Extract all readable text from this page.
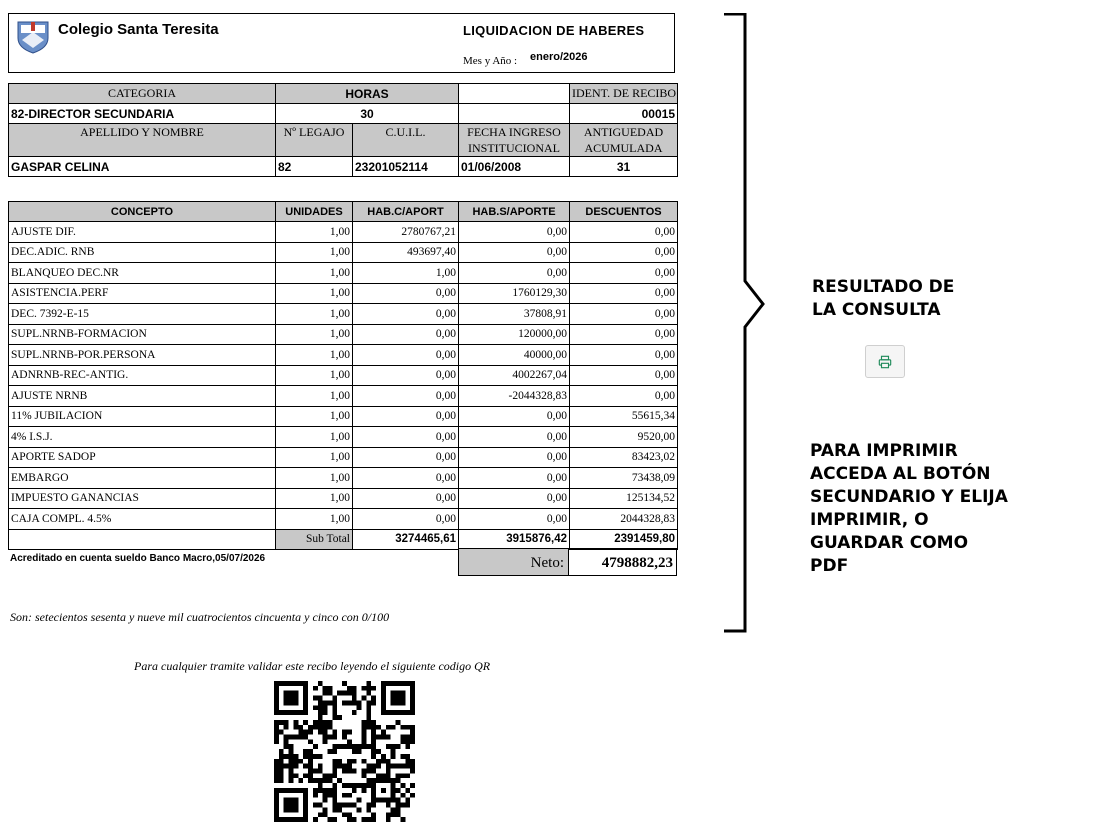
Colegio Santa Teresita	LIQUIDACION DE HABERES
Mes y Año : enero/2026
CATEGORIA	HORAS			IDENT. DE RECIBO
82-DIRECTOR SECUNDARIA	30			00015
APELLIDO Y NOMBRE	Nº LEGAJO	C.U.I.L.	FECHA INGRESO INSTITUCIONAL	ANTIGUEDAD ACUMULADA
GASPAR CELINA	82	23201052114	01/06/2008	31
CONCEPTO	UNIDADES	HAB.C/APORT	HAB.S/APORTE	DESCUENTOS
AJUSTE DIF.	1,00	2780767,21	0,00	0,00
DEC.ADIC. RNB	1,00	493697,40	0,00	0,00
BLANQUEO DEC.NR	1,00	1,00	0,00	0,00
ASISTENCIA.PERF	1,00	0,00	1760129,30	0,00
DEC. 7392-E-15	1,00	0,00	37808,91	0,00
SUPL.NRNB-FORMACION	1,00	0,00	120000,00	0,00
SUPL.NRNB-POR.PERSONA	1,00	0,00	40000,00	0,00
ADNRNB-REC-ANTIG.	1,00	0,00	4002267,04	0,00
AJUSTE NRNB	1,00	0,00	-2044328,83	0,00
11% JUBILACION	1,00	0,00	0,00	55615,34
4% I.S.J.	1,00	0,00	0,00	9520,00
APORTE SADOP	1,00	0,00	0,00	83423,02
EMBARGO	1,00	0,00	0,00	73438,09
IMPUESTO GANANCIAS	1,00	0,00	0,00	125134,52
CAJA COMPL. 4.5%	1,00	0,00	0,00	2044328,83
	Sub Total	3274465,61	3915876,42	2391459,80
Acreditado en cuenta sueldo Banco Macro,05/07/2026	Neto:	4798882,23
Son: setecientos sesenta y nueve mil cuatrocientos cincuenta y cinco con 0/100
Para cualquier tramite validar este recibo leyendo el siguiente codigo QR
RESULTADO DE LA CONSULTA
PARA IMPRIMIR ACCEDA AL BOTÓN SECUNDARIO Y ELIJA IMPRIMIR, O GUARDAR COMO PDF
